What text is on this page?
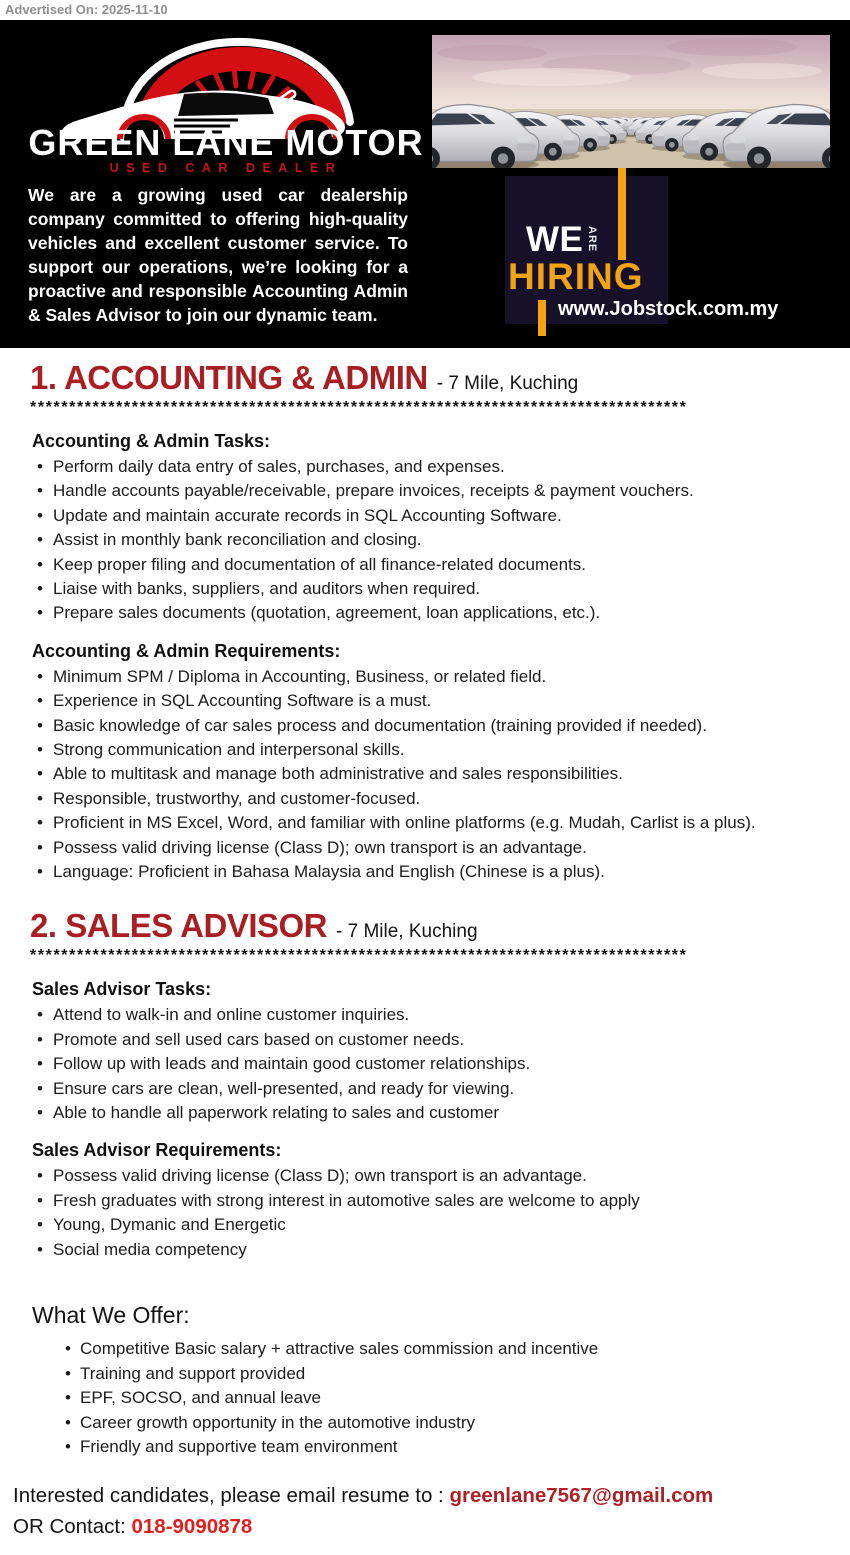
Advertised On: 2025-11-10
GREEN LANE MOTOR
USED CAR DEALER

We are a growing used car dealership company committed to offering high-quality vehicles and excellent customer service. To support our operations, we’re looking for a proactive and responsible Accounting Admin & Sales Advisor to join our dynamic team.

WE ARE
HIRING
www.Jobstock.com.my
1. ACCOUNTING & ADMIN - 7 Mile, Kuching
************************************************************************************
Accounting & Admin Tasks:
• Perform daily data entry of sales, purchases, and expenses.
• Handle accounts payable/receivable, prepare invoices, receipts & payment vouchers.
• Update and maintain accurate records in SQL Accounting Software.
• Assist in monthly bank reconciliation and closing.
• Keep proper filing and documentation of all finance-related documents.
• Liaise with banks, suppliers, and auditors when required.
• Prepare sales documents (quotation, agreement, loan applications, etc.).
Accounting & Admin Requirements:
• Minimum SPM / Diploma in Accounting, Business, or related field.
• Experience in SQL Accounting Software is a must.
• Basic knowledge of car sales process and documentation (training provided if needed).
• Strong communication and interpersonal skills.
• Able to multitask and manage both administrative and sales responsibilities.
• Responsible, trustworthy, and customer-focused.
• Proficient in MS Excel, Word, and familiar with online platforms (e.g. Mudah, Carlist is a plus).
• Possess valid driving license (Class D); own transport is an advantage.
• Language: Proficient in Bahasa Malaysia and English (Chinese is a plus).
2. SALES ADVISOR - 7 Mile, Kuching
************************************************************************************
Sales Advisor Tasks:
• Attend to walk-in and online customer inquiries.
• Promote and sell used cars based on customer needs.
• Follow up with leads and maintain good customer relationships.
• Ensure cars are clean, well-presented, and ready for viewing.
• Able to handle all paperwork relating to sales and customer
Sales Advisor Requirements:
• Possess valid driving license (Class D); own transport is an advantage.
• Fresh graduates with strong interest in automotive sales are welcome to apply
• Young, Dymanic and Energetic
• Social media competency
What We Offer:
• Competitive Basic salary + attractive sales commission and incentive
• Training and support provided
• EPF, SOCSO, and annual leave
• Career growth opportunity in the automotive industry
• Friendly and supportive team environment

Interested candidates, please email resume to : greenlane7567@gmail.com

OR Contact: 018-9090878
